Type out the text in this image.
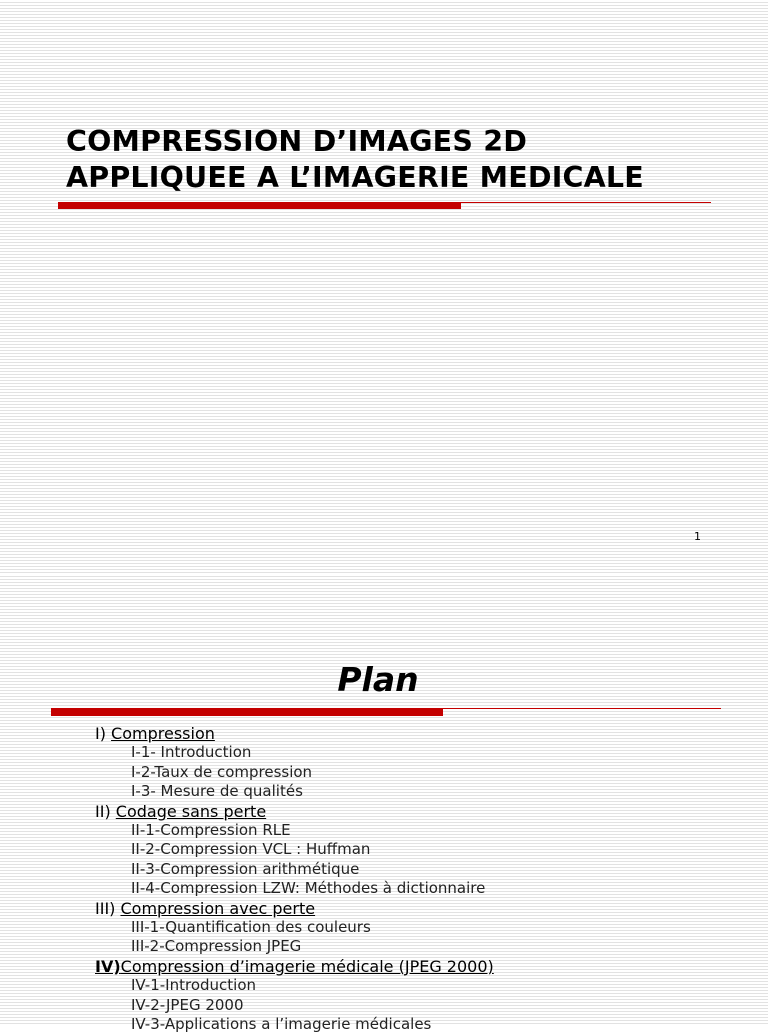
COMPRESSION D’IMAGES 2D
APPLIQUEE A L’IMAGERIE MEDICALE
1
Plan
I) Compression
I-1- Introduction
I-2-Taux de compression
I-3- Mesure de qualités
II) Codage sans perte
II-1-Compression RLE
II-2-Compression VCL : Huffman
II-3-Compression arithmétique
II-4-Compression LZW: Méthodes à dictionnaire
III) Compression avec perte
III-1-Quantification des couleurs
III-2-Compression JPEG
IV)Compression d’imagerie médicale (JPEG 2000)
IV-1-Introduction
IV-2-JPEG 2000
IV-3-Applications a l’imagerie médicales
